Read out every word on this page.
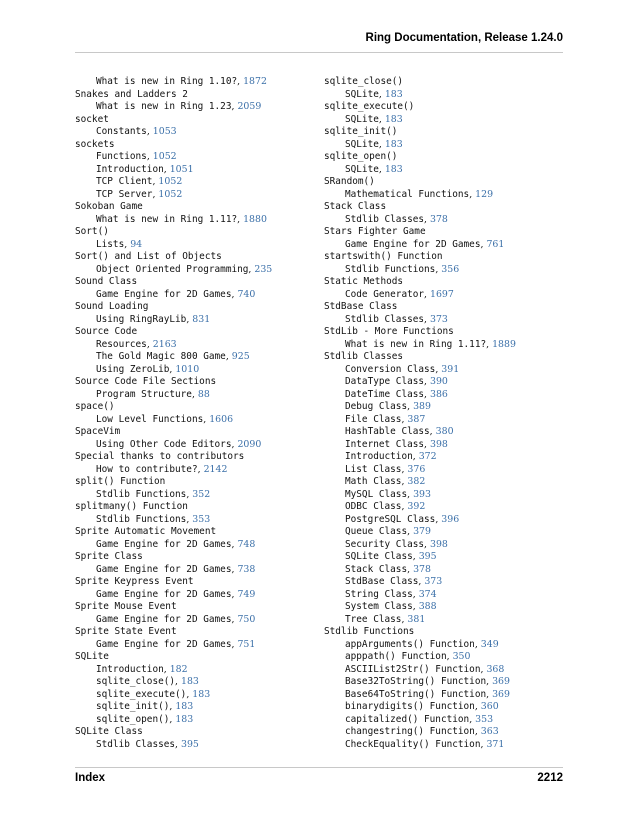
Ring Documentation, Release 1.24.0
What is new in Ring 1.10?, 1872
Snakes and Ladders 2
What is new in Ring 1.23, 2059
socket
Constants, 1053
sockets
Functions, 1052
Introduction, 1051
TCP Client, 1052
TCP Server, 1052
Sokoban Game
What is new in Ring 1.11?, 1880
Sort()
Lists, 94
Sort() and List of Objects
Object Oriented Programming, 235
Sound Class
Game Engine for 2D Games, 740
Sound Loading
Using RingRayLib, 831
Source Code
Resources, 2163
The Gold Magic 800 Game, 925
Using ZeroLib, 1010
Source Code File Sections
Program Structure, 88
space()
Low Level Functions, 1606
SpaceVim
Using Other Code Editors, 2090
Special thanks to contributors
How to contribute?, 2142
split() Function
Stdlib Functions, 352
splitmany() Function
Stdlib Functions, 353
Sprite Automatic Movement
Game Engine for 2D Games, 748
Sprite Class
Game Engine for 2D Games, 738
Sprite Keypress Event
Game Engine for 2D Games, 749
Sprite Mouse Event
Game Engine for 2D Games, 750
Sprite State Event
Game Engine for 2D Games, 751
SQLite
Introduction, 182
sqlite_close(), 183
sqlite_execute(), 183
sqlite_init(), 183
sqlite_open(), 183
SQLite Class
Stdlib Classes, 395
sqlite_close()
SQLite, 183
sqlite_execute()
SQLite, 183
sqlite_init()
SQLite, 183
sqlite_open()
SQLite, 183
SRandom()
Mathematical Functions, 129
Stack Class
Stdlib Classes, 378
Stars Fighter Game
Game Engine for 2D Games, 761
startswith() Function
Stdlib Functions, 356
Static Methods
Code Generator, 1697
StdBase Class
Stdlib Classes, 373
StdLib - More Functions
What is new in Ring 1.11?, 1889
Stdlib Classes
Conversion Class, 391
DataType Class, 390
DateTime Class, 386
Debug Class, 389
File Class, 387
HashTable Class, 380
Internet Class, 398
Introduction, 372
List Class, 376
Math Class, 382
MySQL Class, 393
ODBC Class, 392
PostgreSQL Class, 396
Queue Class, 379
Security Class, 398
SQLite Class, 395
Stack Class, 378
StdBase Class, 373
String Class, 374
System Class, 388
Tree Class, 381
Stdlib Functions
appArguments() Function, 349
apppath() Function, 350
ASCIIList2Str() Function, 368
Base32ToString() Function, 369
Base64ToString() Function, 369
binarydigits() Function, 360
capitalized() Function, 353
changestring() Function, 363
CheckEquality() Function, 371
Index	2212
